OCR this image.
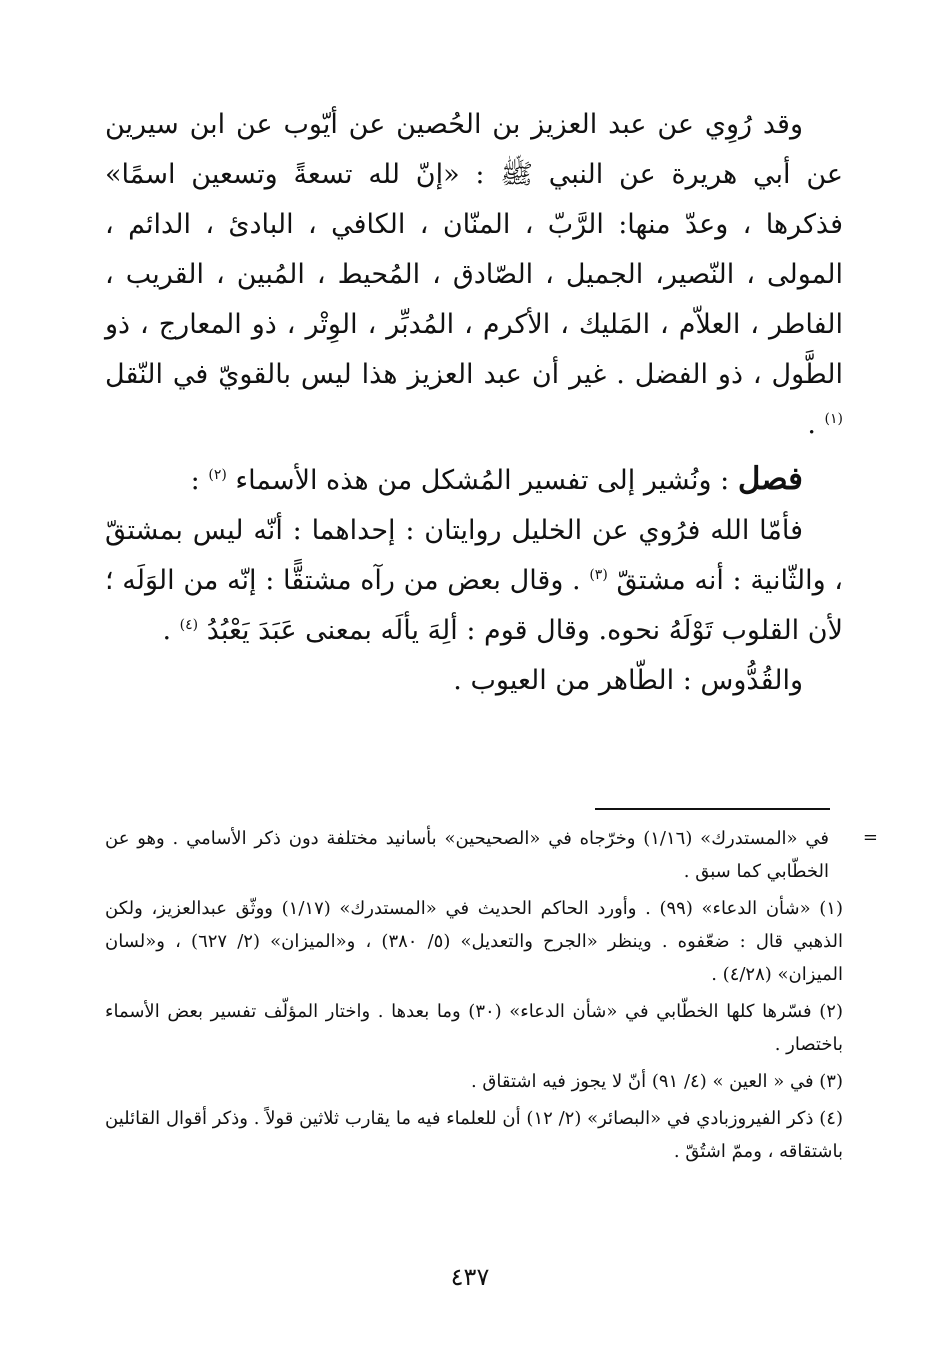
وقد رُوِي عن عبد العزيز بن الحُصين عن أيّوب عن ابن سيرين عن أبي هريرة عن النبي ﷺ : «إنّ لله تسعةً وتسعين اسمًا» فذكرها ، وعدّ منها: الرَّبّ ، المنّان ، الكافي ، البادئ ، الدائم ، المولى ، النّصير، الجميل ، الصّادق ، المُحيط ، المُبين ، القريب ، الفاطر ، العلاّم ، المَليك ، الأكرم ، المُدبِّر ، الوِتْر ، ذو المعارج ، ذو الطَّول ، ذو الفضل . غير أن عبد العزيز هذا ليس بالقويّ في النّقل $^{(١)}$ .

فصل : ونُشير إلى تفسير المُشكل من هذه الأسماء $^{(٢)}$ :

فأمّا الله فرُوي عن الخليل روايتان : إحداهما : أنّه ليس بمشتقّ ، والثّانية : أنه مشتقّ $^{(٣)}$ . وقال بعض من رآه مشتقًّا : إنّه من الوَلَه ؛ لأن القلوب تَوْلَهُ نحوه. وقال قوم : ألِهَ يألَه بمعنى عَبَدَ يَعْبُدُ $^{(٤)}$ .

والقُدُّوس : الطّاهر من العيوب .

=

في «المستدرك» (١/١٦) وخرّجاه في «الصحيحين» بأسانيد مختلفة دون ذكر الأسامي . وهو عن الخطّابي كما سبق .

(١) «شأن الدعاء» (٩٩) . وأورد الحاكم الحديث في «المستدرك» (١/١٧) ووثّق عبدالعزيز، ولكن الذهبي قال : ضعّفوه . وينظر «الجرح والتعديل» (٥/ ٣٨٠) ، و«الميزان» (٢/ ٦٢٧) ، و«لسان الميزان» (٤/٢٨) .

(٢) فسّرها كلها الخطّابي في «شأن الدعاء» (٣٠) وما بعدها . واختار المؤلّف تفسير بعض الأسماء باختصار .

(٣) في « العين » (٤/ ٩١) أنّ لا يجوز فيه اشتقاق .

(٤) ذكر الفيروزبادي في «البصائر» (٢/ ١٢) أن للعلماء فيه ما يقارب ثلاثين قولاً . وذكر أقوال القائلين باشتقاقه ، وممّ اشتُقّ .

٤٣٧
